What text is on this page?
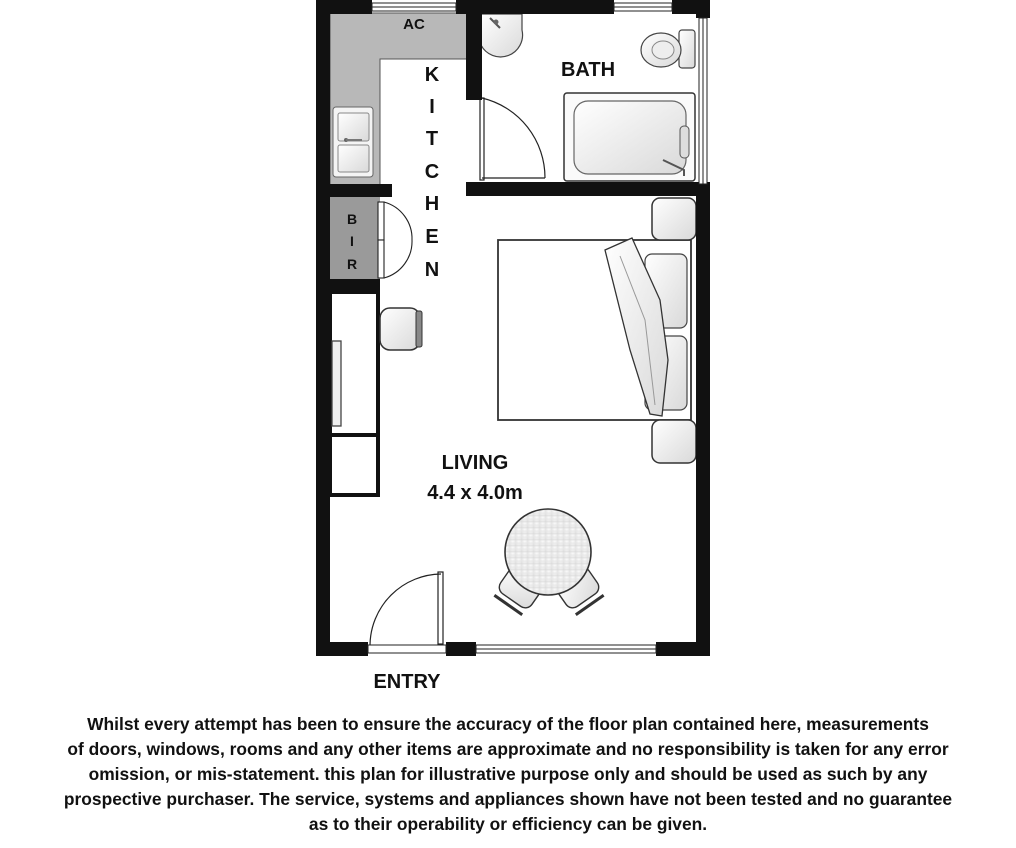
AC
BATH
K
I
T
C
H
E
N
B
I
R
LIVING
4.4 x 4.0m
ENTRY
Whilst every attempt has been to ensure the accuracy of the floor plan contained here, measurements
of doors, windows, rooms and any other items are approximate and no responsibility is taken for any error
omission, or mis-statement. this plan for illustrative purpose only and should be used as such by any
prospective purchaser. The service, systems and appliances shown have not been tested and no guarantee
as to their operability or efficiency can be given.
